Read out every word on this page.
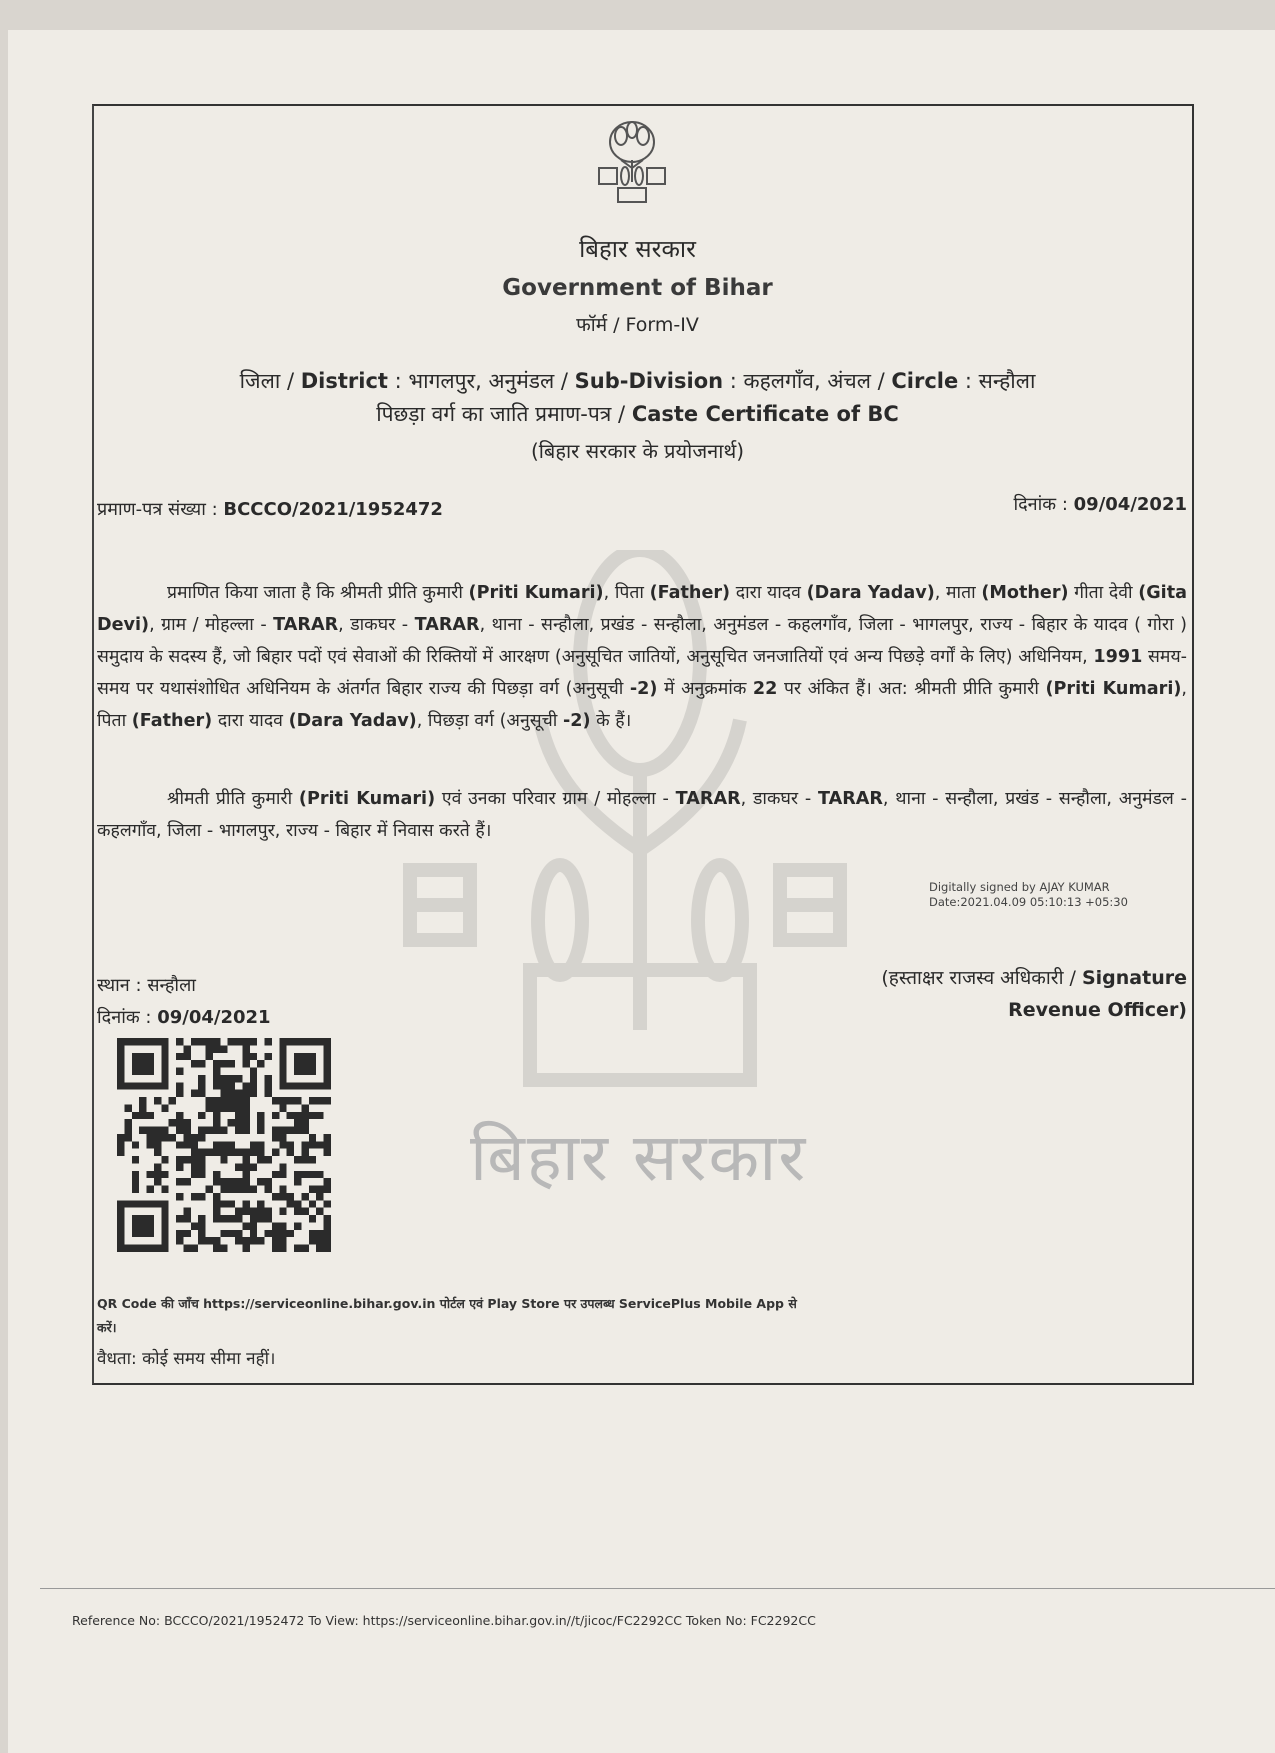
बिहार सरकार
बिहार सरकार
Government of Bihar
फॉर्म / Form-IV
जिला / District : भागलपुर, अनुमंडल / Sub-Division : कहलगाँव, अंचल / Circle : सन्हौला
पिछड़ा वर्ग का जाति प्रमाण-पत्र / Caste Certificate of BC
(बिहार सरकार के प्रयोजनार्थ)
प्रमाण-पत्र संख्या : BCCCO/2021/1952472	दिनांक : 09/04/2021
प्रमाणित किया जाता है कि श्रीमती प्रीति कुमारी (Priti Kumari), पिता (Father) दारा यादव (Dara Yadav), माता (Mother) गीता देवी (Gita Devi), ग्राम / मोहल्ला - TARAR, डाकघर - TARAR, थाना - सन्हौला, प्रखंड - सन्हौला, अनुमंडल - कहलगाँव, जिला - भागलपुर, राज्य - बिहार के यादव ( गोरा ) समुदाय के सदस्य हैं, जो बिहार पदों एवं सेवाओं की रिक्तियों में आरक्षण (अनुसूचित जातियों, अनुसूचित जनजातियों एवं अन्य पिछड़े वर्गों के लिए) अधिनियम, 1991 समय-समय पर यथासंशोधित अधिनियम के अंतर्गत बिहार राज्य की पिछड़ा वर्ग (अनुसूची -2) में अनुक्रमांक 22 पर अंकित हैं। अत: श्रीमती प्रीति कुमारी (Priti Kumari), पिता (Father) दारा यादव (Dara Yadav), पिछड़ा वर्ग (अनुसूची -2) के हैं।
श्रीमती प्रीति कुमारी (Priti Kumari) एवं उनका परिवार ग्राम / मोहल्ला - TARAR, डाकघर - TARAR, थाना - सन्हौला, प्रखंड - सन्हौला, अनुमंडल - कहलगाँव, जिला - भागलपुर, राज्य - बिहार में निवास करते हैं।
Digitally signed by AJAY KUMAR
Date:2021.04.09 05:10:13 +05:30
(हस्ताक्षर राजस्व अधिकारी / Signature
Revenue Officer)
स्थान : सन्हौला
दिनांक : 09/04/2021
QR Code की जाँच https://serviceonline.bihar.gov.in पोर्टल एवं Play Store पर उपलब्ध ServicePlus Mobile App से करें।
वैधता: कोई समय सीमा नहीं।
Reference No: BCCCO/2021/1952472 To View: https://serviceonline.bihar.gov.in//t/jicoc/FC2292CC Token No: FC2292CC
